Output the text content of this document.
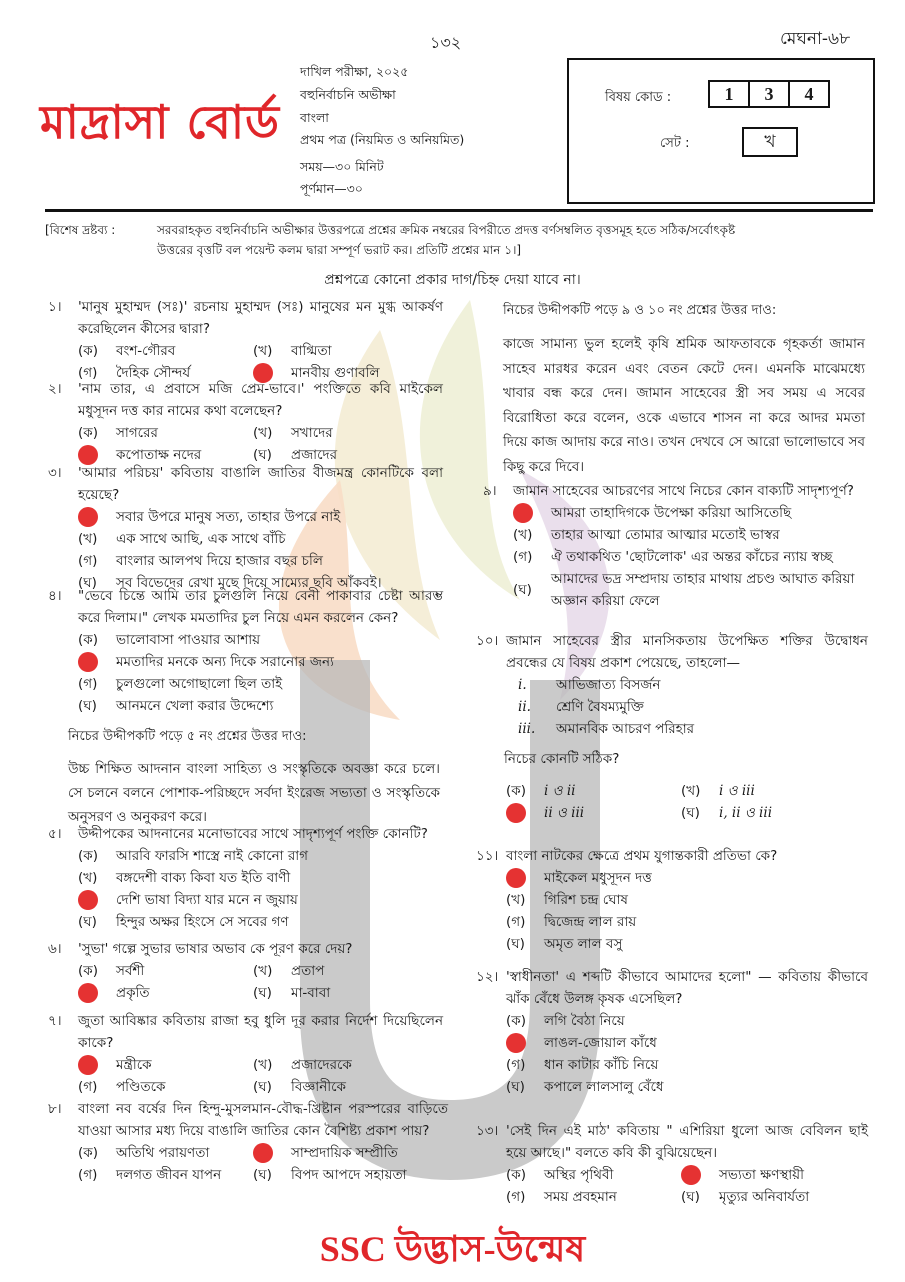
১৩২	মেঘনা-৬৮
মাদ্রাসা বোর্ড
দাখিল পরীক্ষা, ২০২৫
বহুনির্বাচনি অভীক্ষা
বাংলা
প্রথম পত্র (নিয়মিত ও অনিয়মিত)
সময়—৩০ মিনিট
পূর্ণমান—৩০
বিষয় কোড :	1	3	4
সেট :	খ
[বিশেষ দ্রষ্টব্য :	সরবরাহকৃত বহুনির্বাচনি অভীক্ষার উত্তরপত্রে প্রশ্নের ক্রমিক নম্বরের বিপরীতে প্রদত্ত বর্ণসম্বলিত বৃত্তসমূহ হতে সঠিক/সর্বোৎকৃষ্ট
উত্তরের বৃত্তটি বল পয়েন্ট কলম দ্বারা সম্পূর্ণ ভরাট কর। প্রতিটি প্রশ্নের মান ১।]
প্রশ্নপত্রে কোনো প্রকার দাগ/চিহ্ন দেয়া যাবে না।
নিচের উদ্দীপকটি পড়ে ৫ নং প্রশ্নের উত্তর দাও:
উচ্চ শিক্ষিত আদনান বাংলা সাহিত্য ও সংস্কৃতিকে অবজ্ঞা করে চলে। সে চলনে বলনে পোশাক-পরিচ্ছদে সর্বদা ইংরেজ সভ্যতা ও সংস্কৃতিকে অনুসরণ ও অনুকরণ করে।
নিচের উদ্দীপকটি পড়ে ৯ ও ১০ নং প্রশ্নের উত্তর দাও:
কাজে সামান্য ভুল হলেই কৃষি শ্রমিক আফতাবকে গৃহকর্তা জামান সাহেব মারধর করেন এবং বেতন কেটে দেন। এমনকি মাঝেমধ্যে খাবার বন্ধ করে দেন। জামান সাহেবের স্ত্রী সব সময় এ সবের বিরোধিতা করে বলেন, ওকে এভাবে শাসন না করে আদর মমতা দিয়ে কাজ আদায় করে নাও। তখন দেখবে সে আরো ভালোভাবে সব কিছু করে দিবে।
১।	'মানুষ মুহাম্মদ (সঃ)' রচনায় মুহাম্মদ (সঃ) মানুষের মন মুগ্ধ আকর্ষণ করেছিলেন কীসের দ্বারা?
(ক)	বংশ-গৌরব	(খ)	বাগ্মিতা
(গ)	দৈহিক সৌন্দর্য	মানবীয় গুণাবলি
২।	'নাম তার, এ প্রবাসে মজি প্রেম-ভাবে।' পংক্তিতে কবি মাইকেল মধুসূদন দত্ত কার নামের কথা বলেছেন?
(ক)	সাগরের	(খ)	সখাদের
কপোতাক্ষ নদের	(ঘ)	প্রজাদের
৩।	'আমার পরিচয়' কবিতায় বাঙালি জাতির বীজমন্ত্র কোনটিকে বলা হয়েছে?
সবার উপরে মানুষ সত্য, তাহার উপরে নাই
(খ)	এক সাথে আছি, এক সাথে বাঁচি
(গ)	বাংলার আলপথ দিয়ে হাজার বছর চলি
(ঘ)	সব বিভেদের রেখা মুছে দিয়ে সাম্যের ছবি আঁকবই।
৪।	"ভেবে চিন্তে আমি তার চুলগুলি নিয়ে বেনী পাকাবার চেষ্টা আরম্ভ করে দিলাম।" লেখক মমতাদির চুল নিয়ে এমন করলেন কেন?
(ক)	ভালোবাসা পাওয়ার আশায়
মমতাদির মনকে অন্য দিকে সরানোর জন্য
(গ)	চুলগুলো অগোছালো ছিল তাই
(ঘ)	আনমনে খেলা করার উদ্দেশ্যে
৫।	উদ্দীপকের আদনানের মনোভাবের সাথে সাদৃশ্যপূর্ণ পংক্তি কোনটি?
(ক)	আরবি ফারসি শাস্ত্রে নাই কোনো রাগ
(খ)	বঙ্গদেশী বাক্য কিবা যত ইতি বাণী
দেশি ভাষা বিদ্যা যার মনে ন জুয়ায়
(ঘ)	হিন্দুর অক্ষর হিংসে সে সবের গণ
৬।	'সুভা' গল্পে সুভার ভাষার অভাব কে পূরণ করে দেয়?
(ক)	সর্বশী	(খ)	প্রতাপ
প্রকৃতি	(ঘ)	মা-বাবা
৭।	জুতা আবিষ্কার কবিতায় রাজা হবু ধুলি দূর করার নির্দেশ দিয়েছিলেন কাকে?
মন্ত্রীকে	(খ)	প্রজাদেরকে
(গ)	পণ্ডিতকে	(ঘ)	বিজ্ঞানীকে
৮।	বাংলা নব বর্ষের দিন হিন্দু-মুসলমান-বৌদ্ধ-খ্রিষ্টান পরস্পরের বাড়িতে যাওয়া আসার মধ্য দিয়ে বাঙালি জাতির কোন বৈশিষ্ট্য প্রকাশ পায়?
(ক)	অতিথি পরায়ণতা	সাম্প্রদায়িক সম্প্রীতি
(গ)	দলগত জীবন যাপন (ঘ)	বিপদ আপদে সহায়তা
৯।	জামান সাহেবের আচরণের সাথে নিচের কোন বাক্যটি সাদৃশ্যপূর্ণ?
আমরা তাহাদিগকে উপেক্ষা করিয়া আসিতেছি
(খ)	তাহার আত্মা তোমার আত্মার মতোই ভাস্বর
(গ)	ঐ তথাকথিত 'ছোটলোক' এর অন্তর কাঁচের ন্যায় স্বচ্ছ
(ঘ)
আমাদের ভদ্র সম্প্রদায় তাহার মাথায় প্রচণ্ড আঘাত করিয়া অজ্ঞান করিয়া ফেলে
১০। জামান সাহেবের স্ত্রীর মানসিকতায় উপেক্ষিত শক্তির উদ্বোধন প্রবন্ধের যে বিষয় প্রকাশ পেয়েছে, তাহলো—
i.	আভিজাত্য বিসর্জন
ii.	শ্রেণি বৈষম্যমুক্তি
iii.	অমানবিক আচরণ পরিহার
নিচের কোনটি সঠিক?
(ক)	i ও ii	(খ)	i ও iii
ii ও iii	(ঘ)	i, ii ও iii
১১। বাংলা নাটকের ক্ষেত্রে প্রথম যুগান্তকারী প্রতিভা কে?
মাইকেল মধুসূদন দত্ত
(খ)	গিরিশ চন্দ্র ঘোষ
(গ)	দ্বিজেন্দ্র লাল রায়
(ঘ)	অমৃত লাল বসু
১২। 'স্বাধীনতা' এ শব্দটি কীভাবে আমাদের হলো" — কবিতায় কীভাবে ঝাঁক বেঁধে উলঙ্গ কৃষক এসেছিল?
(ক)	লগি বৈঠা নিয়ে
লাঙল-জোয়াল কাঁধে
(গ)	ধান কাটার কাঁচি নিয়ে
(ঘ)	কপালে লালসালু বেঁধে
১৩। 'সেই দিন এই মাঠ' কবিতায় " এশিরিয়া ধুলো আজ বেবিলন ছাই হয়ে আছে।" বলতে কবি কী বুঝিয়েছেন।
(ক)	অস্থির পৃথিবী	সভ্যতা ক্ষণস্থায়ী
(গ)	সময় প্রবহমান	(ঘ)	মৃত্যুর অনিবার্যতা
SSC উদ্ভাস-উন্মেষ
